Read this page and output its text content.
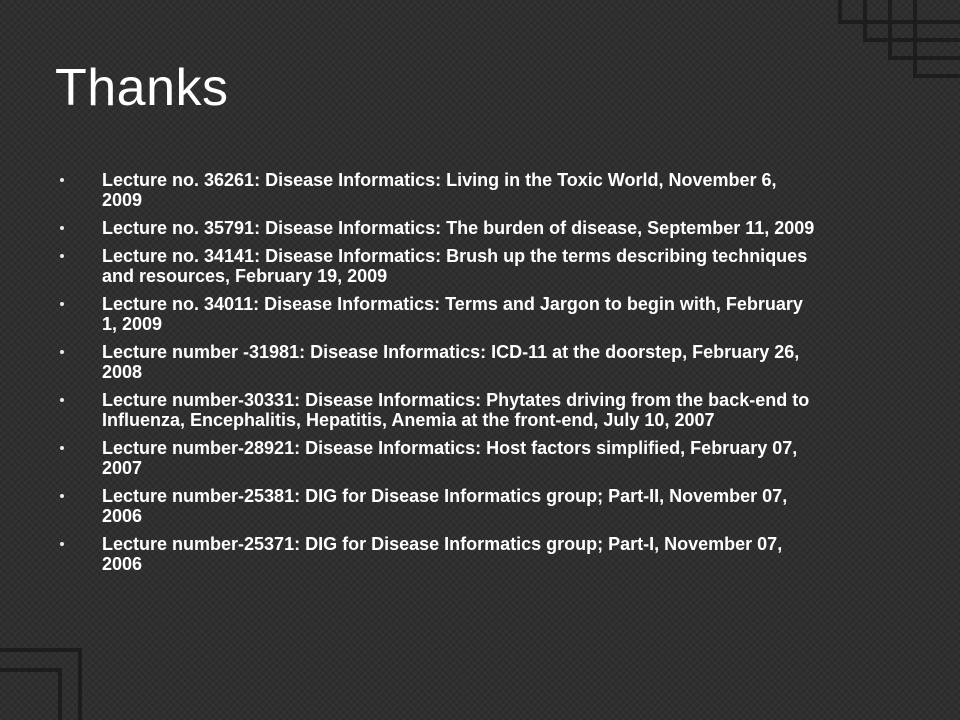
Thanks
Lecture no. 36261: Disease Informatics: Living in the Toxic World, November 6, 2009
Lecture no. 35791: Disease Informatics: The burden of disease, September 11, 2009
Lecture no. 34141: Disease Informatics: Brush up the terms describing techniques and resources, February 19, 2009
Lecture no. 34011: Disease Informatics: Terms and Jargon to begin with, February 1, 2009
Lecture number -31981: Disease Informatics: ICD-11 at the doorstep, February 26, 2008
Lecture number-30331: Disease Informatics: Phytates driving from the back-end to Influenza, Encephalitis, Hepatitis, Anemia at the front-end, July 10, 2007
Lecture number-28921: Disease Informatics: Host factors simplified, February 07, 2007
Lecture number-25381: DIG for Disease Informatics group; Part-II, November 07, 2006
Lecture number-25371: DIG for Disease Informatics group; Part-I, November 07, 2006
